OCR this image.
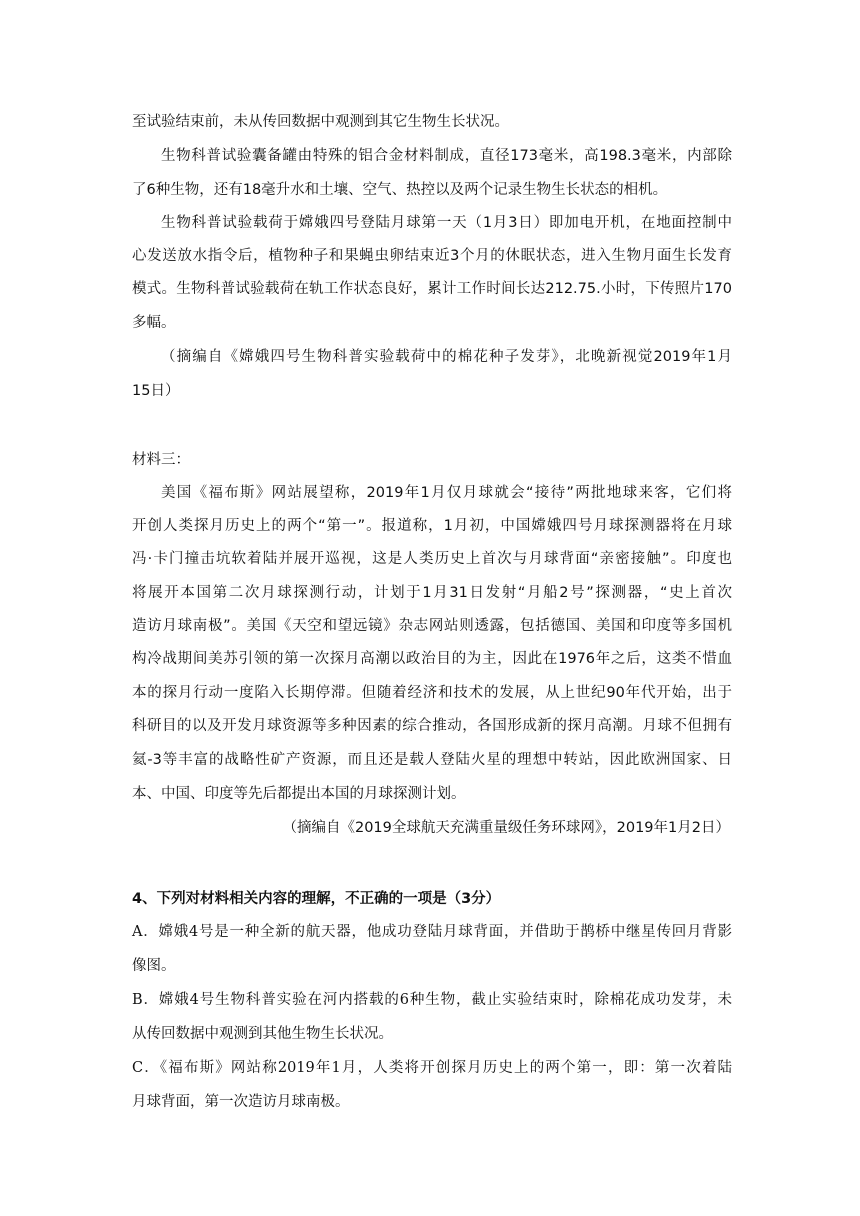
至试验结束前，未从传回数据中观测到其它生物生长状况。
生物科普试验囊备罐由特殊的铝合金材料制成，直径173毫米，高198.3毫米，内部除
了6种生物，还有18毫升水和土壤、空气、热控以及两个记录生物生长状态的相机。
生物科普试验载荷于嫦娥四号登陆月球第一天（1月3日）即加电开机，在地面控制中
心发送放水指令后，植物种子和果蝇虫卵结束近3个月的休眠状态，进入生物月面生长发育
模式。生物科普试验载荷在轨工作状态良好，累计工作时间长达212.75.小时，下传照片170
多幅。
（摘编自《嫦娥四号生物科普实验载荷中的棉花种子发芽》，北晚新视觉2019年1月
15日）
材料三：
美国《福布斯》网站展望称，2019年1月仅月球就会“接待”两批地球来客，它们将
开创人类探月历史上的两个“第一”。报道称，1月初，中国嫦娥四号月球探测器将在月球
冯·卡门撞击坑软着陆并展开巡视，这是人类历史上首次与月球背面“亲密接触”。印度也
将展开本国第二次月球探测行动，计划于1月31日发射“月船2号”探测器，“史上首次
造访月球南极”。美国《天空和望远镜》杂志网站则透露，包括德国、美国和印度等多国机
构冷战期间美苏引领的第一次探月高潮以政治目的为主，因此在1976年之后，这类不惜血
本的探月行动一度陷入长期停滞。但随着经济和技术的发展，从上世纪90年代开始，出于
科研目的以及开发月球资源等多种因素的综合推动，各国形成新的探月高潮。月球不但拥有
氦-3等丰富的战略性矿产资源，而且还是载人登陆火星的理想中转站，因此欧洲国家、日
本、中国、印度等先后都提出本国的月球探测计划。
（摘编自《2019全球航天充满重量级任务环球网》，2019年1月2日）
4、下列对材料相关内容的理解，不正确的一项是（3分）
A．嫦娥4号是一种全新的航天器，他成功登陆月球背面，并借助于鹊桥中继星传回月背影
像图。
B．嫦娥4号生物科普实验在河内搭载的6种生物，截止实验结束时，除棉花成功发芽，未
从传回数据中观测到其他生物生长状况。
C．《福布斯》网站称2019年1月，人类将开创探月历史上的两个第一，即：第一次着陆
月球背面，第一次造访月球南极。
